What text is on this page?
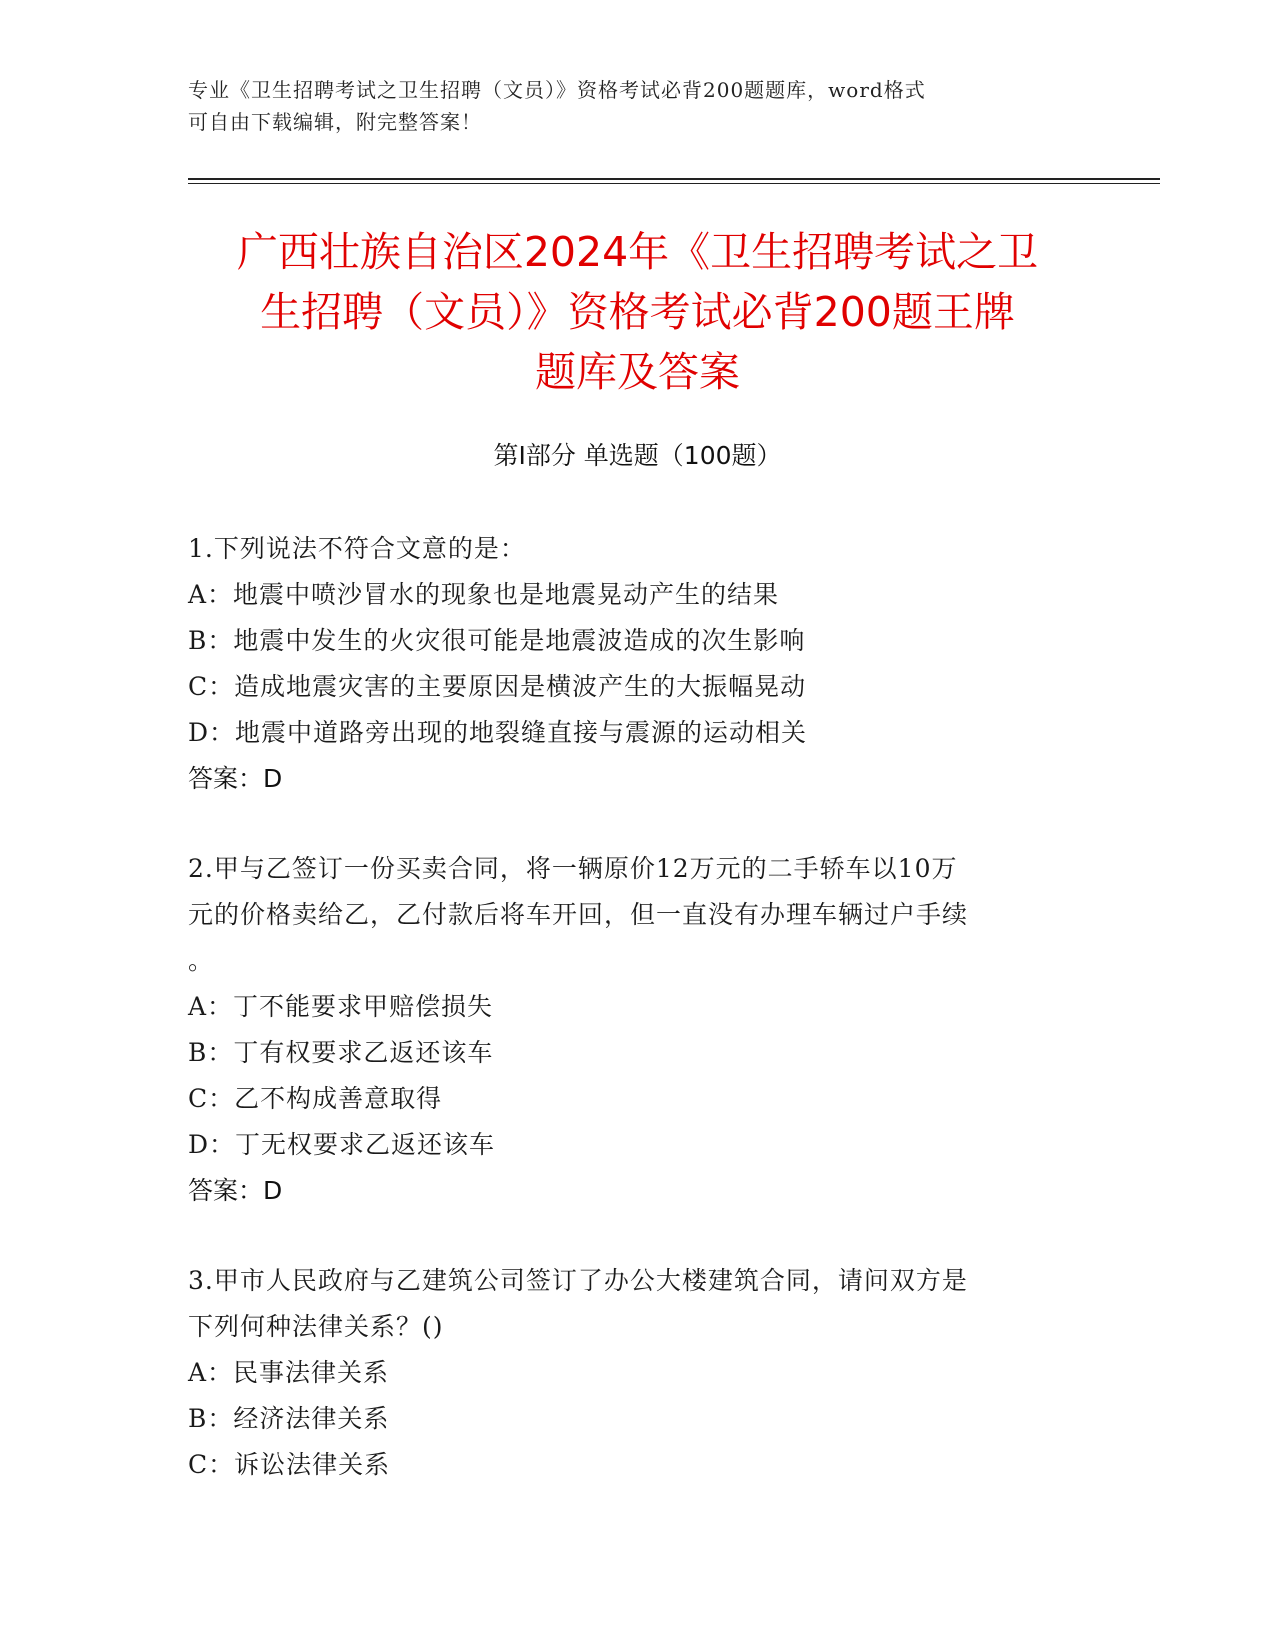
专业《卫生招聘考试之卫生招聘（文员）》资格考试必背200题题库，word格式
可自由下载编辑，附完整答案！
广西壮族自治区2024年《卫生招聘考试之卫
生招聘（文员）》资格考试必背200题王牌
题库及答案
第Ⅰ部分 单选题（100题）
1.下列说法不符合文意的是：
A：地震中喷沙冒水的现象也是地震晃动产生的结果
B：地震中发生的火灾很可能是地震波造成的次生影响
C：造成地震灾害的主要原因是横波产生的大振幅晃动
D：地震中道路旁出现的地裂缝直接与震源的运动相关
答案：D
2.甲与乙签订一份买卖合同，将一辆原价12万元的二手轿车以10万
元的价格卖给乙，乙付款后将车开回，但一直没有办理车辆过户手续
。
A：丁不能要求甲赔偿损失
B：丁有权要求乙返还该车
C：乙不构成善意取得
D：丁无权要求乙返还该车
答案：D
3.甲市人民政府与乙建筑公司签订了办公大楼建筑合同，请问双方是
下列何种法律关系？()
A：民事法律关系
B：经济法律关系
C：诉讼法律关系
